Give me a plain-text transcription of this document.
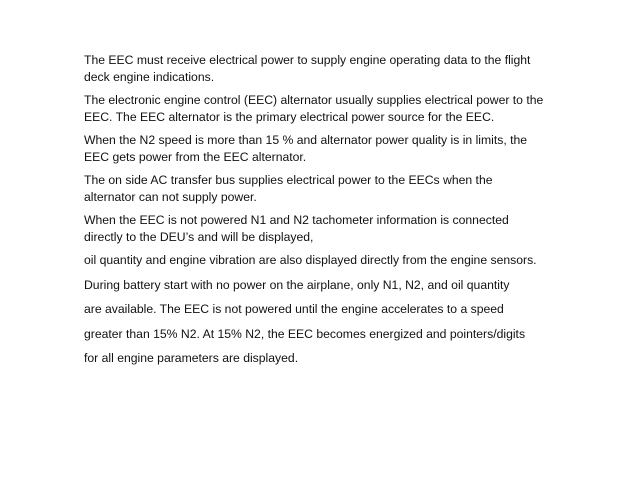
The EEC must receive electrical power to supply engine operating data to the flight deck engine indications.

The electronic engine control (EEC) alternator usually supplies electrical power to the EEC. The EEC alternator is the primary electrical power source for the EEC.

When the N2 speed is more than 15 % and alternator power quality is in limits, the EEC gets power from the EEC alternator.

The on side AC transfer bus supplies electrical power to the EECs when the alternator can not supply power.

When the EEC is not powered N1 and N2 tachometer information is connected directly to the DEU’s and will be displayed,

oil quantity and engine vibration are also displayed directly from the engine sensors.

During battery start with no power on the airplane, only N1, N2, and oil quantity

are available. The EEC is not powered until the engine accelerates to a speed

greater than 15% N2. At 15% N2, the EEC becomes energized and pointers/digits

for all engine parameters are displayed.
